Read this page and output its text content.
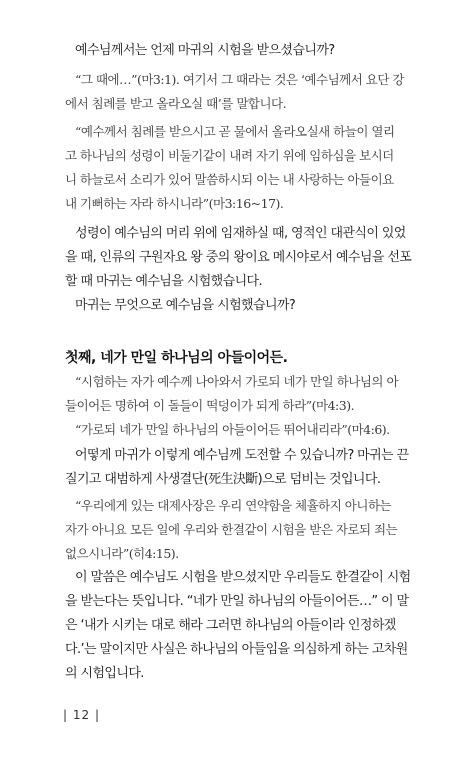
예수님께서는 언제 마귀의 시험을 받으셨습니까?
“그 때에…”(마3:1). 여기서 그 때라는 것은 ‘예수님께서 요단 강
에서 침례를 받고 올라오실 때’를 말합니다.
“예수께서 침례를 받으시고 곧 물에서 올라오실새 하늘이 열리
고 하나님의 성령이 비둘기같이 내려 자기 위에 임하심을 보시더
니 하늘로서 소리가 있어 말씀하시되 이는 내 사랑하는 아들이요
내 기뻐하는 자라 하시니라”(마3:16~17).
성령이 예수님의 머리 위에 임재하실 때, 영적인 대관식이 있었
을 때, 인류의 구원자요 왕 중의 왕이요 메시야로서 예수님을 선포
할 때 마귀는 예수님을 시험했습니다.
마귀는 무엇으로 예수님을 시험했습니까?
첫째, 네가 만일 하나님의 아들이어든.
“시험하는 자가 예수께 나아와서 가로되 네가 만일 하나님의 아
들이어든 명하여 이 돌들이 떡덩이가 되게 하라”(마4:3).
“가로되 네가 만일 하나님의 아들이어든 뛰어내리라”(마4:6).
어떻게 마귀가 이렇게 예수님께 도전할 수 있습니까? 마귀는 끈
질기고 대범하게 사생결단(死生決斷)으로 덤비는 것입니다.
“우리에게 있는 대제사장은 우리 연약함을 체휼하지 아니하는
자가 아니요 모든 일에 우리와 한결같이 시험을 받은 자로되 죄는
없으시니라”(히4:15).
이 말씀은 예수님도 시험을 받으셨지만 우리들도 한결같이 시험
을 받는다는 뜻입니다. “네가 만일 하나님의 아들이어든…” 이 말
은 ‘내가 시키는 대로 해라 그러면 하나님의 아들이라 인정하겠
다.’는 말이지만 사실은 하나님의 아들임을 의심하게 하는 고차원
의 시험입니다.
| 12 |
